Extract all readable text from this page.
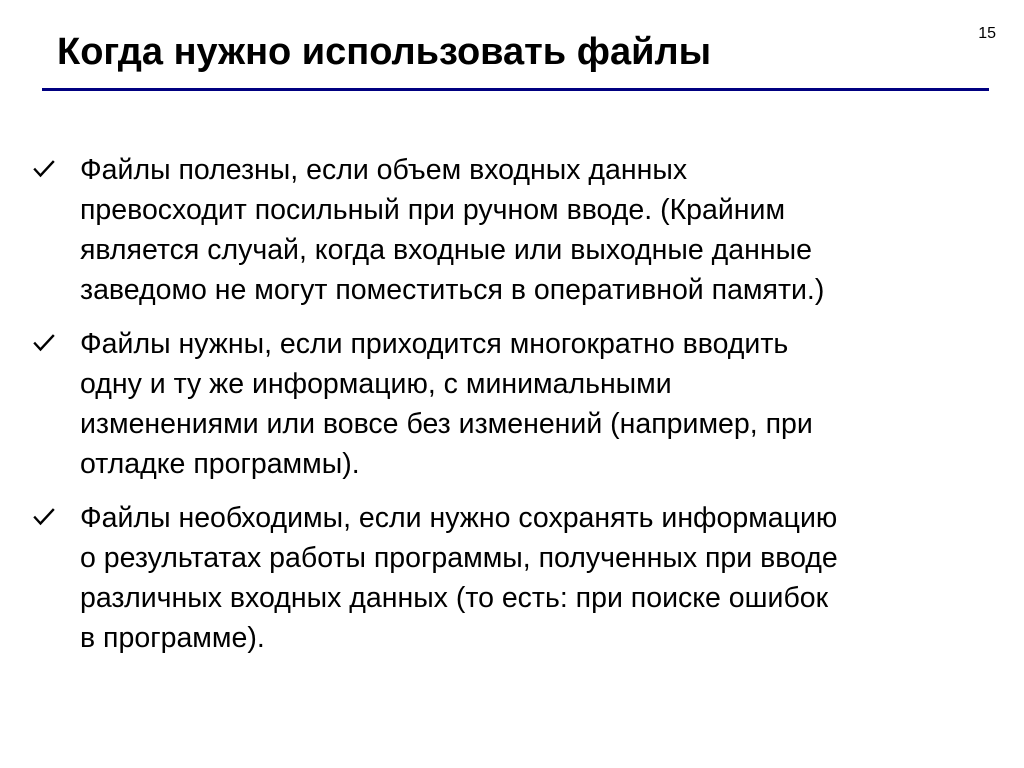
Когда нужно использовать файлы	15
Файлы полезны, если объем входных данных
превосходит посильный при ручном вводе. (Крайним
является случай, когда входные или выходные данные
заведомо не могут поместиться в оперативной памяти.)
Файлы нужны, если приходится многократно вводить
одну и ту же информацию, с минимальными
изменениями или вовсе без изменений (например, при
отладке программы).
Файлы необходимы, если нужно сохранять информацию
о результатах работы программы, полученных при вводе
различных входных данных (то есть: при поиске ошибок
в программе).
